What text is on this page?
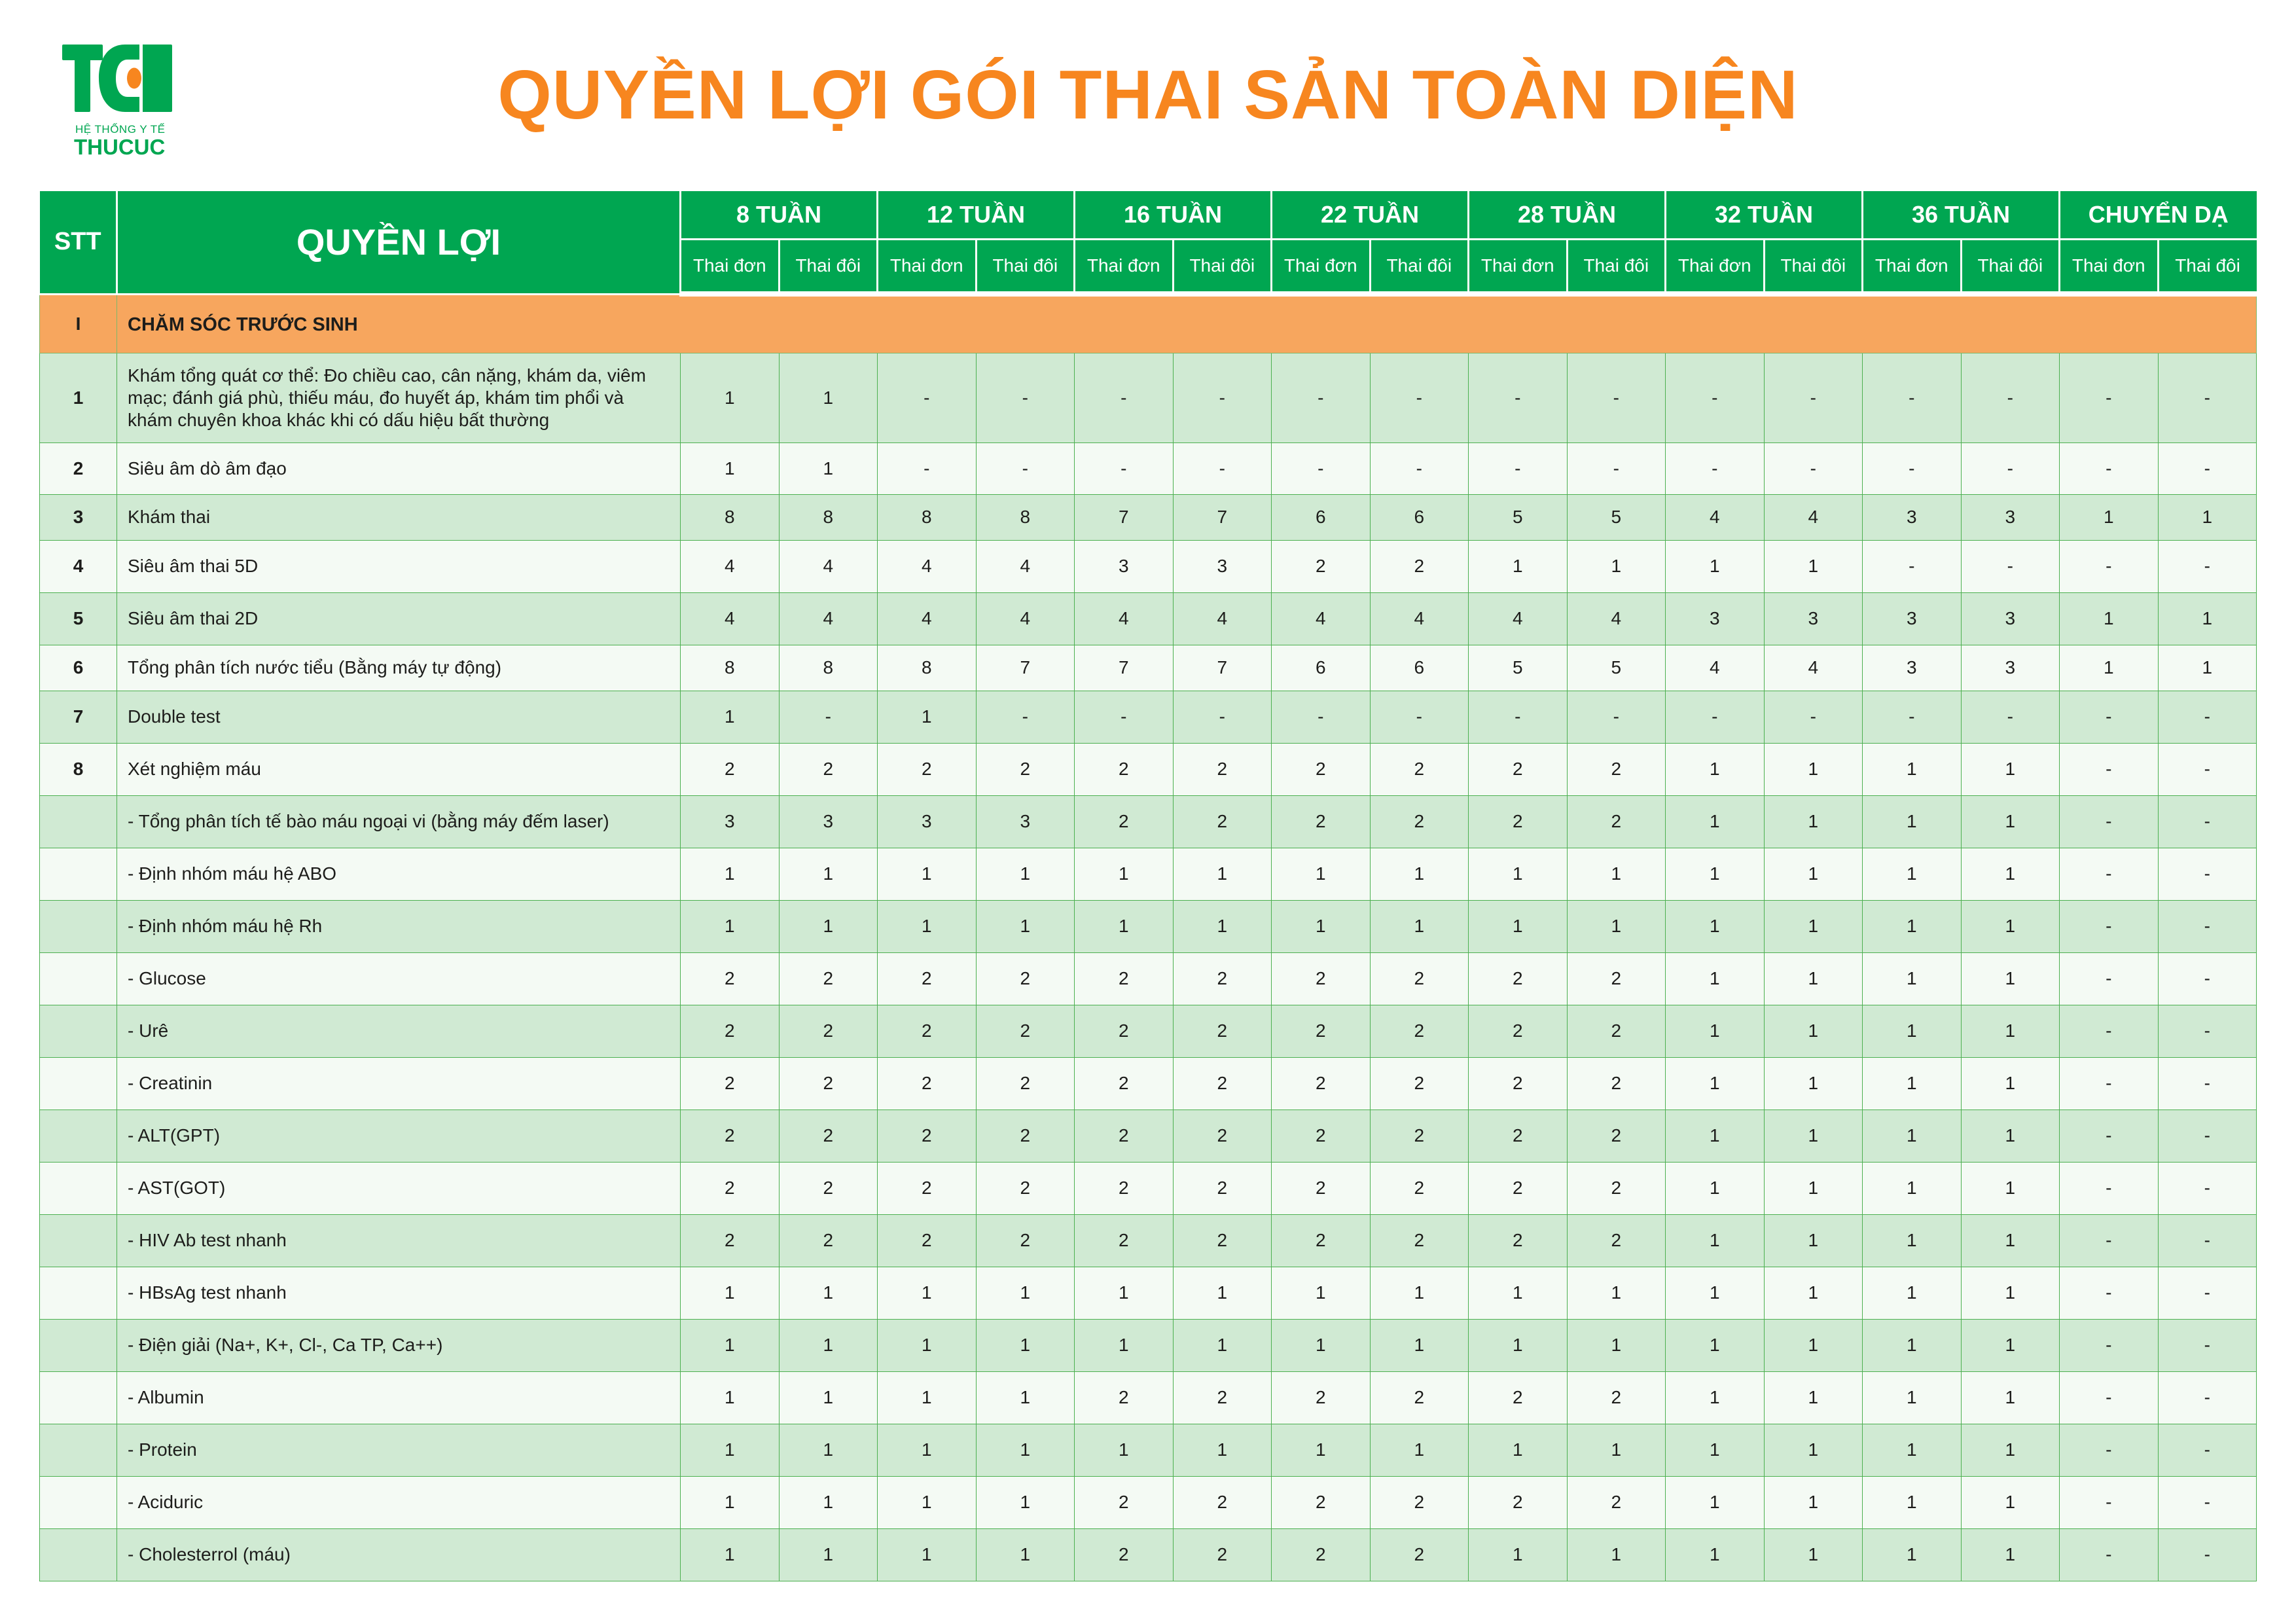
HỆ THỐNG Y TẾ
THUCUC
QUYỀN LỢI GÓI THAI SẢN TOÀN DIỆN
STT	QUYỀN LỢI	8 TUẦN		12 TUẦN		16 TUẦN		22 TUẦN		28 TUẦN		32 TUẦN		36 TUẦN		CHUYỂN DẠ	
		Thai đơn	Thai đôi	Thai đơn	Thai đôi	Thai đơn	Thai đôi	Thai đơn	Thai đôi	Thai đơn	Thai đôi	Thai đơn	Thai đôi	Thai đơn	Thai đôi	Thai đơn	Thai đôi
I	CHĂM SÓC TRƯỚC SINH																
1	Khám tổng quát cơ thể: Đo chiều cao, cân nặng, khám da, viêm mạc; đánh giá phù, thiếu máu, đo huyết áp, khám tim phổi và khám chuyên khoa khác khi có dấu hiệu bất thường	1	1	-	-	-	-	-	-	-	-	-	-	-	-	-	-
2	Siêu âm dò âm đạo	1	1	-	-	-	-	-	-	-	-	-	-	-	-	-	-
3	Khám thai	8	8	8	8	7	7	6	6	5	5	4	4	3	3	1	1
4	Siêu âm thai 5D	4	4	4	4	3	3	2	2	1	1	1	1	-	-	-	-
5	Siêu âm thai 2D	4	4	4	4	4	4	4	4	4	4	3	3	3	3	1	1
6	Tổng phân tích nước tiểu (Bằng máy tự động)	8	8	8	7	7	7	6	6	5	5	4	4	3	3	1	1
7	Double test	1	-	1	-	-	-	-	-	-	-	-	-	-	-	-	-
8	Xét nghiệm máu	2	2	2	2	2	2	2	2	2	2	1	1	1	1	-	-
	- Tổng phân tích tế bào máu ngoại vi (bằng máy đếm laser)	3	3	3	3	2	2	2	2	2	2	1	1	1	1	-	-
	- Định nhóm máu hệ ABO	1	1	1	1	1	1	1	1	1	1	1	1	1	1	-	-
	- Định nhóm máu hệ Rh	1	1	1	1	1	1	1	1	1	1	1	1	1	1	-	-
	- Glucose	2	2	2	2	2	2	2	2	2	2	1	1	1	1	-	-
	- Urê	2	2	2	2	2	2	2	2	2	2	1	1	1	1	-	-
	- Creatinin	2	2	2	2	2	2	2	2	2	2	1	1	1	1	-	-
	- ALT(GPT)	2	2	2	2	2	2	2	2	2	2	1	1	1	1	-	-
	- AST(GOT)	2	2	2	2	2	2	2	2	2	2	1	1	1	1	-	-
	- HIV Ab test nhanh	2	2	2	2	2	2	2	2	2	2	1	1	1	1	-	-
	- HBsAg test nhanh	1	1	1	1	1	1	1	1	1	1	1	1	1	1	-	-
	- Điện giải (Na+, K+, Cl-, Ca TP, Ca++)	1	1	1	1	1	1	1	1	1	1	1	1	1	1	-	-
	- Albumin	1	1	1	1	2	2	2	2	2	2	1	1	1	1	-	-
	- Protein	1	1	1	1	1	1	1	1	1	1	1	1	1	1	-	-
	- Aciduric	1	1	1	1	2	2	2	2	2	2	1	1	1	1	-	-
	- Cholesterrol (máu)	1	1	1	1	2	2	2	2	1	1	1	1	1	1	-	-
